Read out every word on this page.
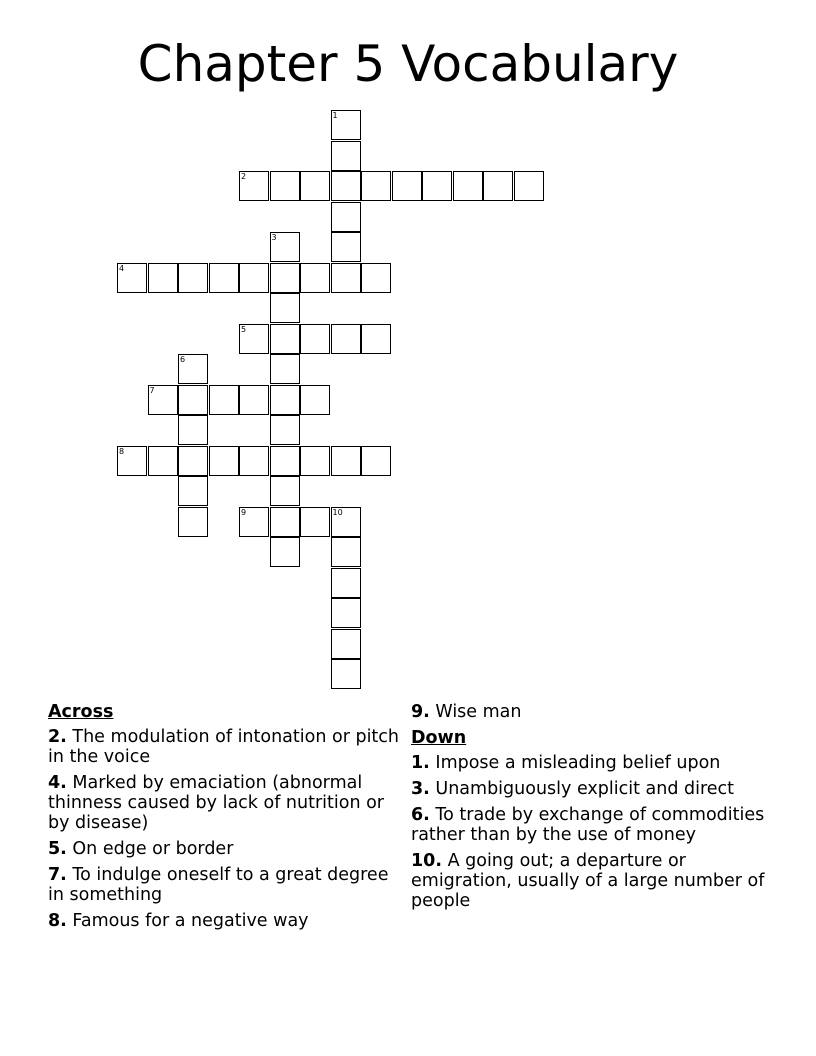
Chapter 5 Vocabulary
1
2
3
4
5
6
7
8
9	10
Across
2. The modulation of intonation or pitch in the voice
4. Marked by emaciation (abnormal thinness caused by lack of nutrition or by disease)
5. On edge or border
7. To indulge oneself to a great degree in something
8. Famous for a negative way
9. Wise man
Down
1. Impose a misleading belief upon
3. Unambiguously explicit and direct
6. To trade by exchange of commodities rather than by the use of money
10. A going out; a departure or emigration, usually of a large number of people
